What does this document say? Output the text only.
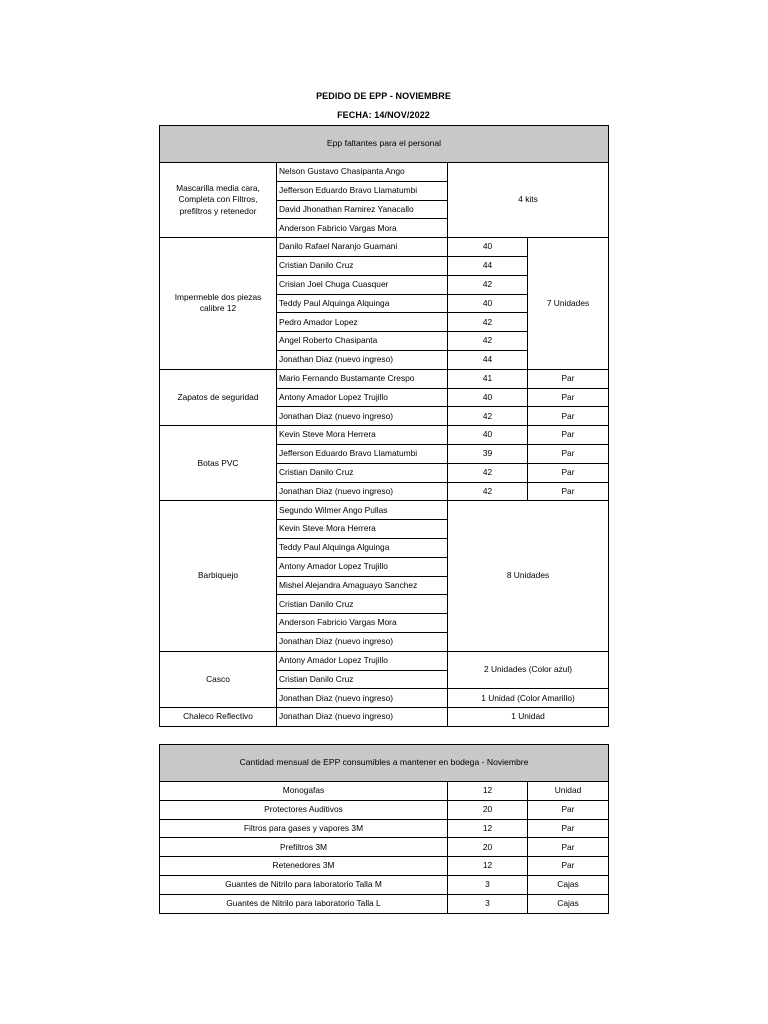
PEDIDO DE EPP - NOVIEMBRE
FECHA: 14/NOV/2022
Epp faltantes para el personal			
Mascarilla media cara, Completa con Filtros, prefiltros y retenedor	Nelson Gustavo Chasipanta Ango	4 kits	
	Jefferson Eduardo Bravo Llamatumbi		
	David Jhonathan Ramirez Yanacallo		
	Anderson Fabricio Vargas Mora		
Impermeble dos piezas calibre 12	Danilo Rafael Naranjo Guamani	40	7 Unidades
	Cristian Danilo Cruz	44	
	Crisian Joel Chuga Cuasquer	42	
	Teddy Paul Alquinga Alquinga	40	
	Pedro Amador Lopez	42	
	Angel Roberto Chasipanta	42	
	Jonathan Diaz (nuevo ingreso)	44	
Zapatos de seguridad	Mario Fernando Bustamante Crespo	41	Par
	Antony Amador Lopez Trujillo	40	Par
	Jonathan Diaz (nuevo ingreso)	42	Par
Botas PVC	Kevin Steve Mora Herrera	40	Par
	Jefferson Eduardo Bravo Llamatumbi	39	Par
	Cristian Danilo Cruz	42	Par
	Jonathan Diaz (nuevo ingreso)	42	Par
Barbiquejo	Segundo Wilmer Ango Pullas	8 Unidades	
	Kevin Steve Mora Herrera		
	Teddy Paul Alquinga Alguinga		
	Antony Amador Lopez Trujillo		
	Mishel Alejandra Amaguayo Sanchez		
	Cristian Danilo Cruz		
	Anderson Fabricio Vargas Mora		
	Jonathan Diaz (nuevo ingreso)		
Casco	Antony Amador Lopez Trujillo	2 Unidades (Color azul)	
	Cristian Danilo Cruz		
	Jonathan Diaz (nuevo ingreso)	1 Unidad (Color Amarillo)	
Chaleco Reflectivo	Jonathan Diaz (nuevo ingreso)	1 Unidad	
Cantidad mensual de EPP consumibles a mantener en bodega - Noviembre		
Monogafas	12	Unidad
Protectores Auditivos	20	Par
Filtros para gases y vapores 3M	12	Par
Prefiltros 3M	20	Par
Retenedores 3M	12	Par
Guantes de Nitrilo para laboratorio Talla M	3	Cajas
Guantes de Nitrilo para laboratorio Talla L	3	Cajas
